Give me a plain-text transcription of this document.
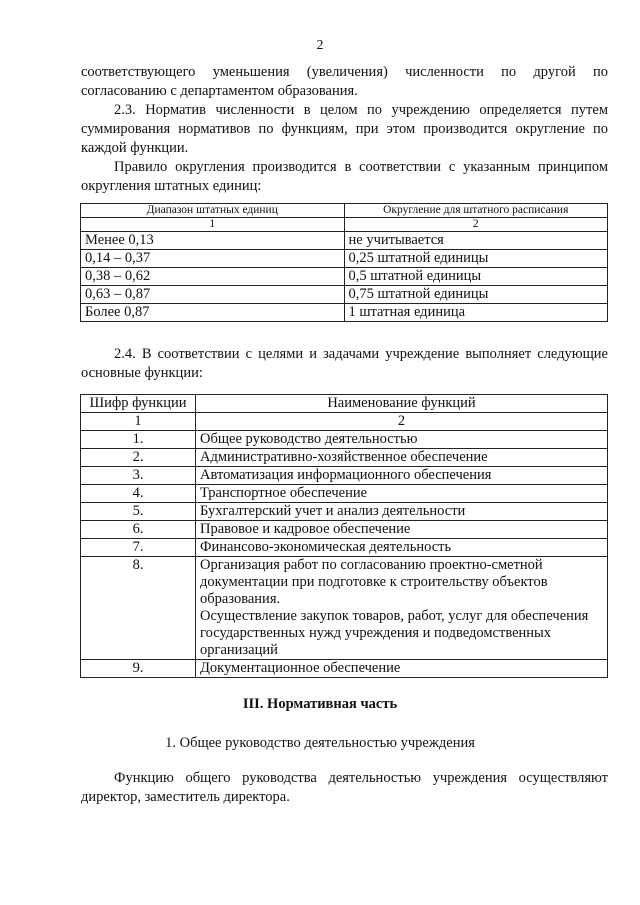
2
соответствующего уменьшения (увеличения) численности по другой по согласованию с департаментом образования.
2.3. Норматив численности в целом по учреждению определяется путем суммирования нормативов по функциям, при этом производится округление по каждой функции.
Правило округления производится в соответствии с указанным принципом округления штатных единиц:
Диапазон штатных единиц	Округление для штатного расписания
1	2
Менее 0,13	не учитывается
0,14 – 0,37	0,25 штатной единицы
0,38 – 0,62	0,5 штатной единицы
0,63 – 0,87	0,75 штатной единицы
Более 0,87	1 штатная единица
2.4. В соответствии с целями и задачами учреждение выполняет следующие основные функции:
Шифр функции	Наименование функций
1	2
1.	Общее руководство деятельностью
2.	Административно-хозяйственное обеспечение
3.	Автоматизация информационного обеспечения
4.	Транспортное обеспечение
5.	Бухгалтерский учет и анализ деятельности
6.	Правовое и кадровое обеспечение
7.	Финансово-экономическая деятельность
8.	Организация работ по согласованию проектно-сметной документации при подготовке к строительству объектов образования.
Осуществление закупок товаров, работ, услуг для обеспечения государственных нужд учреждения и подведомственных организаций

9.	Документационное обеспечение
III. Нормативная часть
1. Общее руководство деятельностью учреждения
Функцию общего руководства деятельностью учреждения осуществляют директор, заместитель директора.
